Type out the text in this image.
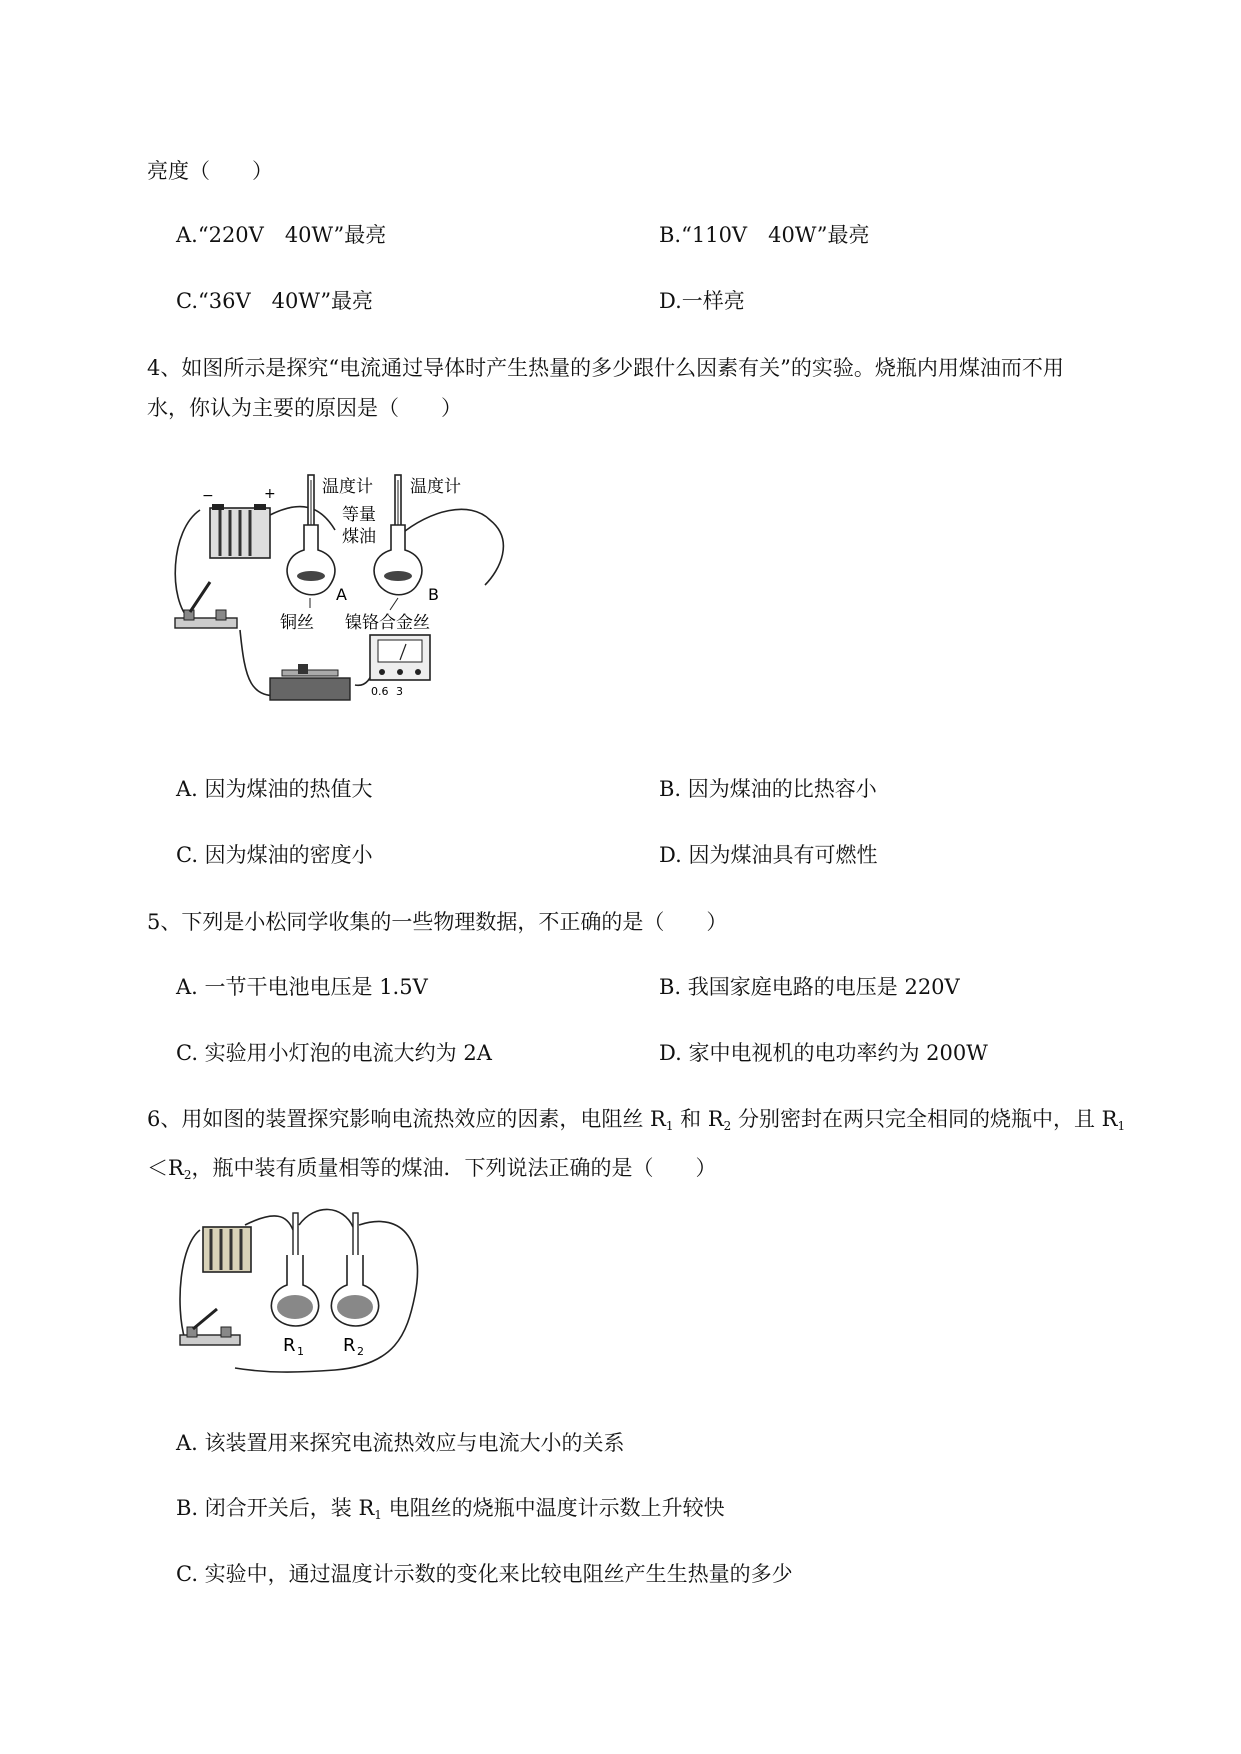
亮度（　　）
A.“220V　40W”最亮	B.“110V　40W”最亮
C.“36V　40W”最亮	D.一样亮
4、如图所示是探究“电流通过导体时产生热量的多少跟什么因素有关”的实验。烧瓶内用煤油而不用
水，你认为主要的原因是（　　）
−	+	温度计 温度计
A	B
等量
煤油
铜丝 镍铬合金丝
0.6 3
A. 因为煤油的热值大	B. 因为煤油的比热容小
C. 因为煤油的密度小	D. 因为煤油具有可燃性
5、下列是小松同学收集的一些物理数据，不正确的是（　　）
A. 一节干电池电压是 1.5V	B. 我国家庭电路的电压是 220V
C. 实验用小灯泡的电流大约为 2A	D. 家中电视机的电功率约为 200W
6、用如图的装置探究影响电流热效应的因素，电阻丝 $R_1$ 和 $R_2$ 分别密封在两只完全相同的烧瓶中，且 $R_1$
$<R_2$，瓶中装有质量相等的煤油．下列说法正确的是（　　）
R 1 R 2
A. 该装置用来探究电流热效应与电流大小的关系
B. 闭合开关后，装 $R_1$ 电阻丝的烧瓶中温度计示数上升较快
C. 实验中，通过温度计示数的变化来比较电阻丝产生生热量的多少
